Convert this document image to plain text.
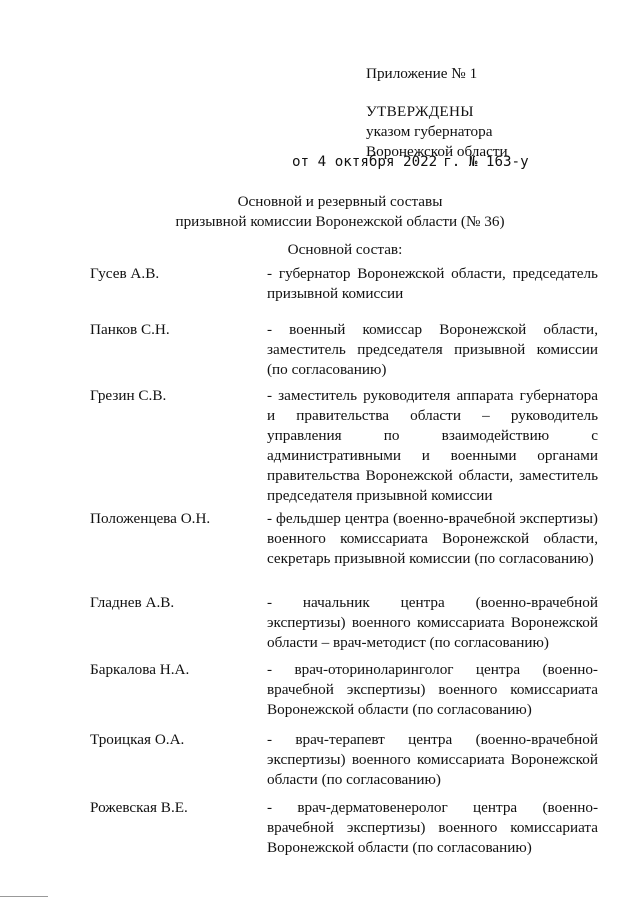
Приложение № 1
УТВЕРЖДЕНЫ
указом губернатора
Воронежской области
от 4 октября 2022 г. № 163-у
Основной и резервный составы
призывной комиссии Воронежской области (№ 36)
Основной состав:
Гусев А.В.	- губернатор Воронежской области, председатель призывной комиссии
Панков С.Н.	- военный комиссар Воронежской области, заместитель председателя призывной комиссии (по согласованию)
Грезин С.В.	- заместитель руководителя аппарата губернатора и правительства области – руководитель управления по взаимодействию с административными и военными органами правительства Воронежской области, заместитель председателя призывной комиссии
Положенцева О.Н.	- фельдшер центра (военно-врачебной экспертизы) военного комиссариата Воронежской области, секретарь призывной комиссии (по согласованию)
Гладнев А.В.	- начальник центра (военно-врачебной экспертизы) военного комиссариата Воронежской области – врач-методист (по согласованию)
Баркалова Н.А.	- врач-оториноларинголог центра (военно-врачебной экспертизы) военного комиссариата Воронежской области (по согласованию)
Троицкая О.А.	- врач-терапевт центра (военно-врачебной экспертизы) военного комиссариата Воронежской области (по согласованию)
Рожевская В.Е.	- врач-дерматовенеролог центра (военно-врачебной экспертизы) военного комиссариата Воронежской области (по согласованию)
